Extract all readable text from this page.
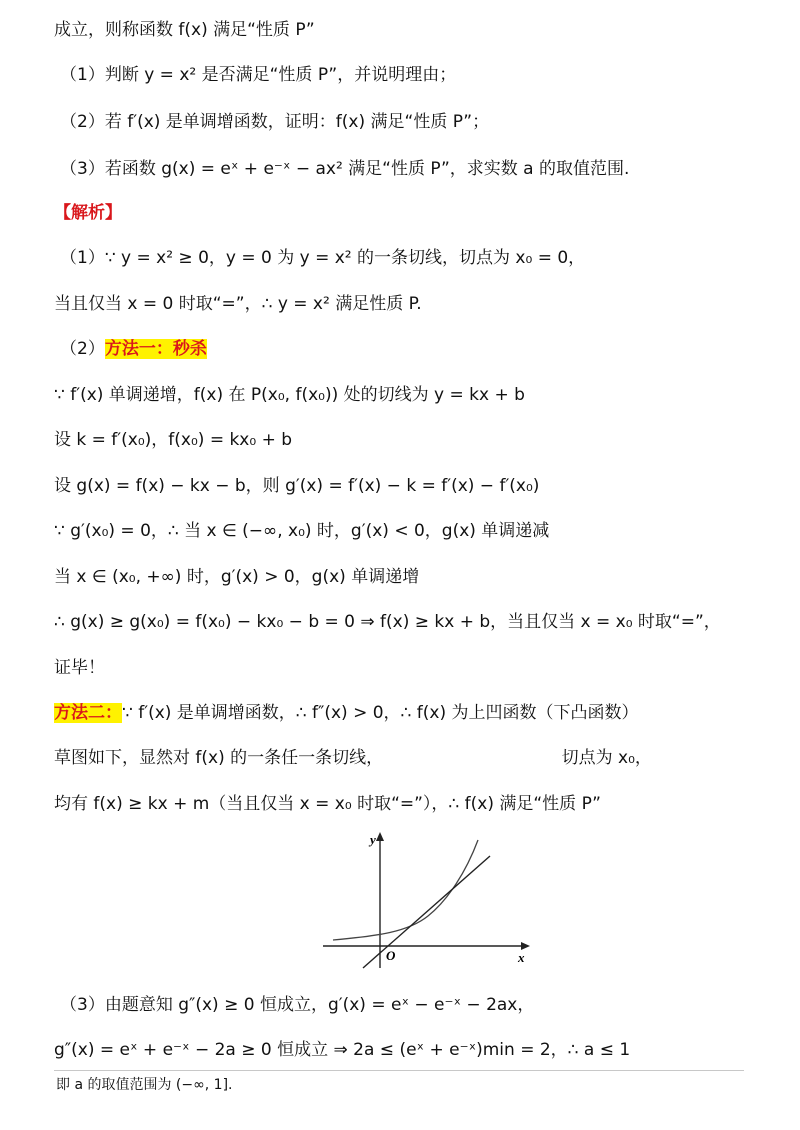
成立，则称函数 f(x) 满足“性质 P”
（1）判断 y = x² 是否满足“性质 P”，并说明理由；
（2）若 f′(x) 是单调增函数，证明：f(x) 满足“性质 P”；
（3）若函数 g(x) = eˣ + e⁻ˣ − ax² 满足“性质 P”，求实数 a 的取值范围.
（1）∵ y = x² ≥ 0，y = 0 为 y = x² 的一条切线，切点为 x₀ = 0，
当且仅当 x = 0 时取“=”，∴ y = x² 满足性质 P.
∵ f′(x) 单调递增，f(x) 在 P(x₀, f(x₀)) 处的切线为 y = kx + b
设 k = f′(x₀)，f(x₀) = kx₀ + b
设 g(x) = f(x) − kx − b，则 g′(x) = f′(x) − k = f′(x) − f′(x₀)
∵ g′(x₀) = 0，∴ 当 x ∈ (−∞, x₀) 时，g′(x) < 0，g(x) 单调递减
当 x ∈ (x₀, +∞) 时，g′(x) > 0，g(x) 单调递增
∴ g(x) ≥ g(x₀) = f(x₀) − kx₀ − b = 0 ⇒ f(x) ≥ kx + b，当且仅当 x = x₀ 时取“=”，
证毕！
草图如下，显然对 f(x) 的一条任一条切线，　　　　　　　　　　　切点为 x₀，
均有 f(x) ≥ kx + m（当且仅当 x = x₀ 时取“=”），∴ f(x) 满足“性质 P”
（3）由题意知 g″(x) ≥ 0 恒成立，g′(x) = eˣ − e⁻ˣ − 2ax，
g″(x) = eˣ + e⁻ˣ − 2a ≥ 0 恒成立 ⇒ 2a ≤ (eˣ + e⁻ˣ)min = 2，∴ a ≤ 1
【解析】
（2）方法一：秒杀
方法二：∵ f′(x) 是单调增函数，∴ f″(x) > 0，∴ f(x) 为上凹函数（下凸函数）
y
x
O
即 a 的取值范围为 (−∞, 1].
